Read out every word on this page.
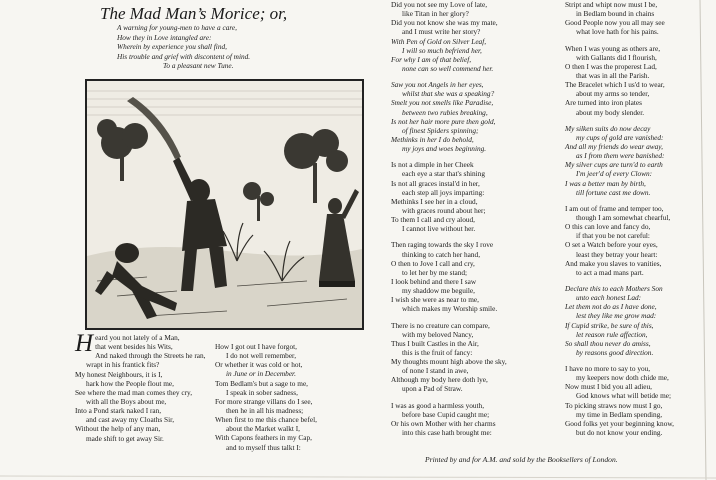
The Mad Man’s Morice; or,
A warning for young-men to have a care,
How they in Love intangled are:
Wherein by experience you shall find,
His trouble and grief with discontent of mind.
To a pleasant new Tune.
H eard you not lately of a Man,
that went besides his Wits,
And naked through the Streets he ran,
wrapt in his frantick fits?
My honest Neighbours, it is I,
hark how the People flout me,
See where the mad man comes they cry,
with all the Boys about me,
Into a Pond stark naked I ran,
and cast away my Cloaths Sir,
Without the help of any man,
made shift to get away Sir.
How I got out I have forgot,
I do not well remember,
Or whether it was cold or hot,
in June or in December.
Tom Bedlam's but a sage to me,
I speak in sober sadness,
For more strange villans do I see,
then he in all his madness;
When first to me this chance befel,
about the Market walkt I,
With Capons feathers in my Cap,
and to myself thus talkt I:
Did you not see my Love of late,
like Titan in her glory?
Did you not know she was my mate,
and I must write her story?
With Pen of Gold on Silver Leaf,
I will so much befriend her,
For why I am of that belief,
none can so well commend her.
Saw you not Angels in her eyes,
whilst that she was a speaking?
Smelt you not smells like Paradise,
between two rubies breaking,
Is not her hair more pure then gold,
of finest Spiders spinning;
Methinks in her I do behold,
my joys and woes beginning.
Is not a dimple in her Cheek
each eye a star that's shining
Is not all graces instal'd in her,
each step all joys imparting:
Methinks I see her in a cloud,
with graces round about her;
To them I call and cry aloud,
I cannot live without her.
Then raging towards the sky I rove
thinking to catch her hand,
O then to Jove I call and cry,
to let her by me stand;
I look behind and there I saw
my shaddow me beguile,
I wish she were as near to me,
which makes my Worship smile.
There is no creature can compare,
with my beloved Nancy,
Thus I built Castles in the Air,
this is the fruit of fancy:
My thoughts mount high above the sky,
of none I stand in awe,
Although my body here doth lye,
upon a Pad of Straw.
I was as good a harmless youth,
before base Cupid caught me;
Or his own Mother with her charms
into this case hath brought me:
Stript and whipt now must I be,
in Bedlam bound in chains
Good People now you all may see
what love hath for his pains.
When I was young as others are,
with Gallants did I flourish,
O then I was the properest Lad,
that was in all the Parish.
The Bracelet which I us'd to wear,
about my arms so tender,
Are turned into iron plates
about my body slender.
My silken suits do now decay
my cups of gold are vanished:
And all my friends do wear away,
as I from them were banished:
My silver cups are turn'd to earth
I'm jeer'd of every Clown:
I was a better man by birth,
till fortune cast me down.
I am out of frame and temper too,
though I am somewhat chearful,
O this can love and fancy do,
if that you be not careful:
O set a Watch before your eyes,
least they betray your heart:
And make you slaves to vanities,
to act a mad mans part.
Declare this to each Mothers Son
unto each honest Lad:
Let them not do as I have done,
lest they like me grow mad:
If Cupid strike, be sure of this,
let reason rule affection,
So shall thou never do amiss,
by reasons good direction.
I have no more to say to you,
my keepers now doth chide me,
Now must I bid you all adieu,
God knows what will betide me;
To picking straws now must I go,
my time in Bedlam spending,
Good folks yet your beginning know,
but do not know your ending.
Printed by and for A.M. and sold by the Booksellers of London.
